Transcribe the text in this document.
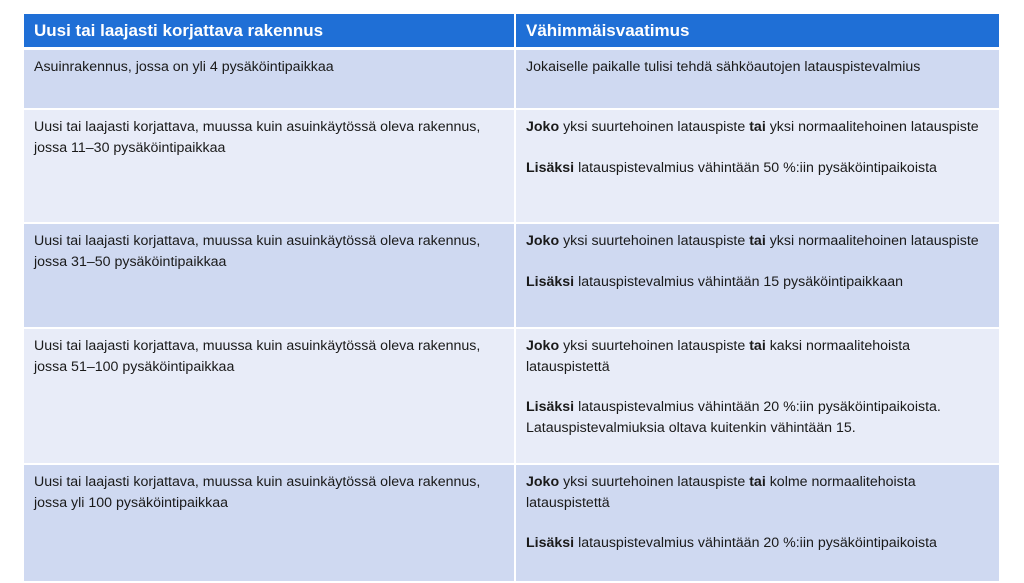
Uusi tai laajasti korjattava rakennus	Vähimmäisvaatimus
Asuinrakennus, jossa on yli 4 pysäköintipaikkaa	Jokaiselle paikalle tulisi tehdä sähköautojen latauspistevalmius

Uusi tai laajasti korjattava, muussa kuin asuinkäytössä oleva rakennus, jossa 11–30 pysäköintipaikkaa	Joko yksi suurtehoinen latauspiste tai yksi normaalitehoinen latauspiste

Lisäksi latauspistevalmius vähintään 50 %:iin pysäköintipaikoista

Uusi tai laajasti korjattava, muussa kuin asuinkäytössä oleva rakennus, jossa 31–50 pysäköintipaikkaa	Joko yksi suurtehoinen latauspiste tai yksi normaalitehoinen latauspiste

Lisäksi latauspistevalmius vähintään 15 pysäköintipaikkaan

Uusi tai laajasti korjattava, muussa kuin asuinkäytössä oleva rakennus, jossa 51–100 pysäköintipaikkaa	Joko yksi suurtehoinen latauspiste tai kaksi normaalitehoista latauspistettä

Lisäksi latauspistevalmius vähintään 20 %:iin pysäköintipaikoista. Latauspistevalmiuksia oltava kuitenkin vähintään 15.

Uusi tai laajasti korjattava, muussa kuin asuinkäytössä oleva rakennus, jossa yli 100 pysäköintipaikkaa	Joko yksi suurtehoinen latauspiste tai kolme normaalitehoista latauspistettä

Lisäksi latauspistevalmius vähintään 20 %:iin pysäköintipaikoista
